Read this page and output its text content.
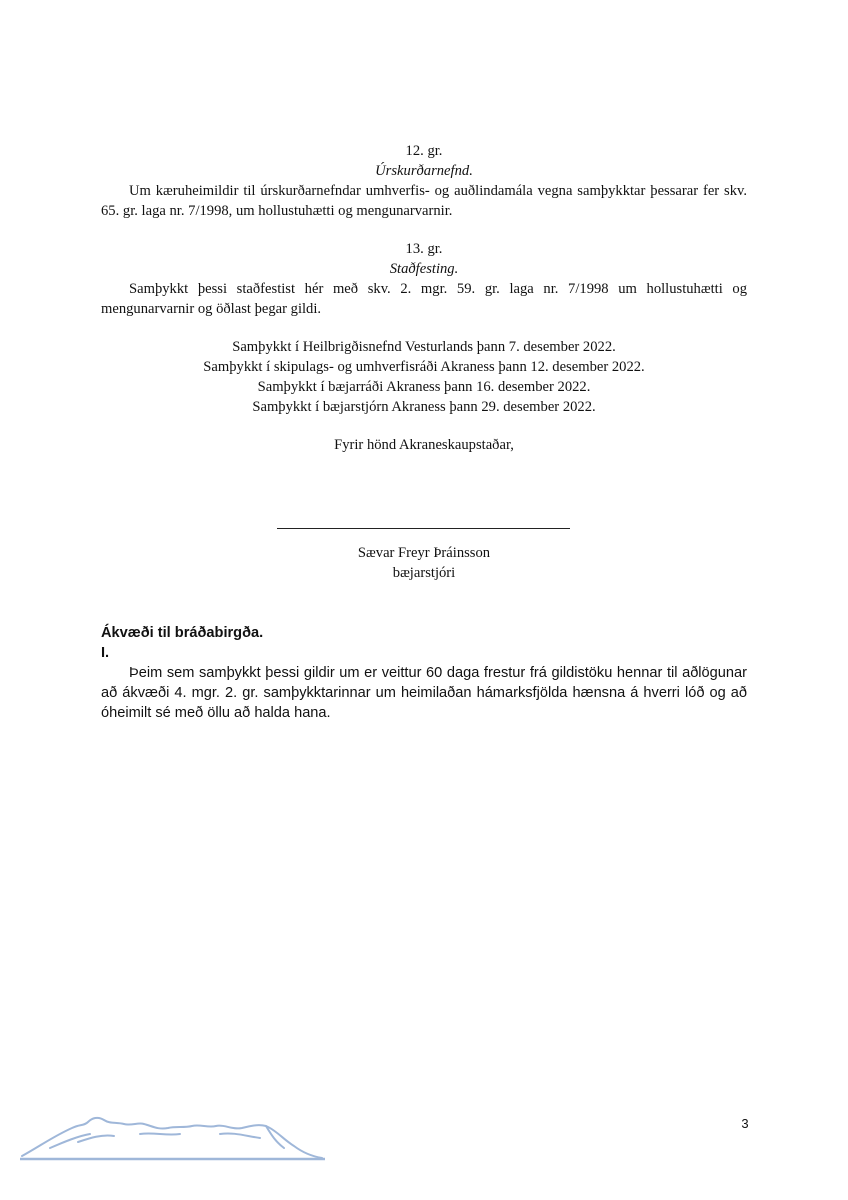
12. gr.
Úrskurðarnefnd.
Um kæruheimildir til úrskurðarnefndar umhverfis- og auðlindamála vegna samþykktar þessarar fer skv. 65. gr. laga nr. 7/1998, um hollustuhætti og mengunarvarnir.
13. gr.
Staðfesting.
Samþykkt þessi staðfestist hér með skv. 2. mgr. 59. gr. laga nr. 7/1998 um hollustuhætti og mengunarvarnir og öðlast þegar gildi.
Samþykkt í Heilbrigðisnefnd Vesturlands þann 7. desember 2022.
Samþykkt í skipulags- og umhverfisráði Akraness þann 12. desember 2022.
Samþykkt í bæjarráði Akraness þann 16. desember 2022.
Samþykkt í bæjarstjórn Akraness þann 29. desember 2022.
Fyrir hönd Akraneskaupstaðar,
Sævar Freyr Þráinsson
bæjarstjóri
Ákvæði til bráðabirgða.
I.
Þeim sem samþykkt þessi gildir um er veittur 60 daga frestur frá gildistöku hennar til aðlögunar að ákvæði 4. mgr. 2. gr. samþykktarinnar um heimilaðan hámarksfjölda hænsna á hverri lóð og að óheimilt sé með öllu að halda hana.
3
